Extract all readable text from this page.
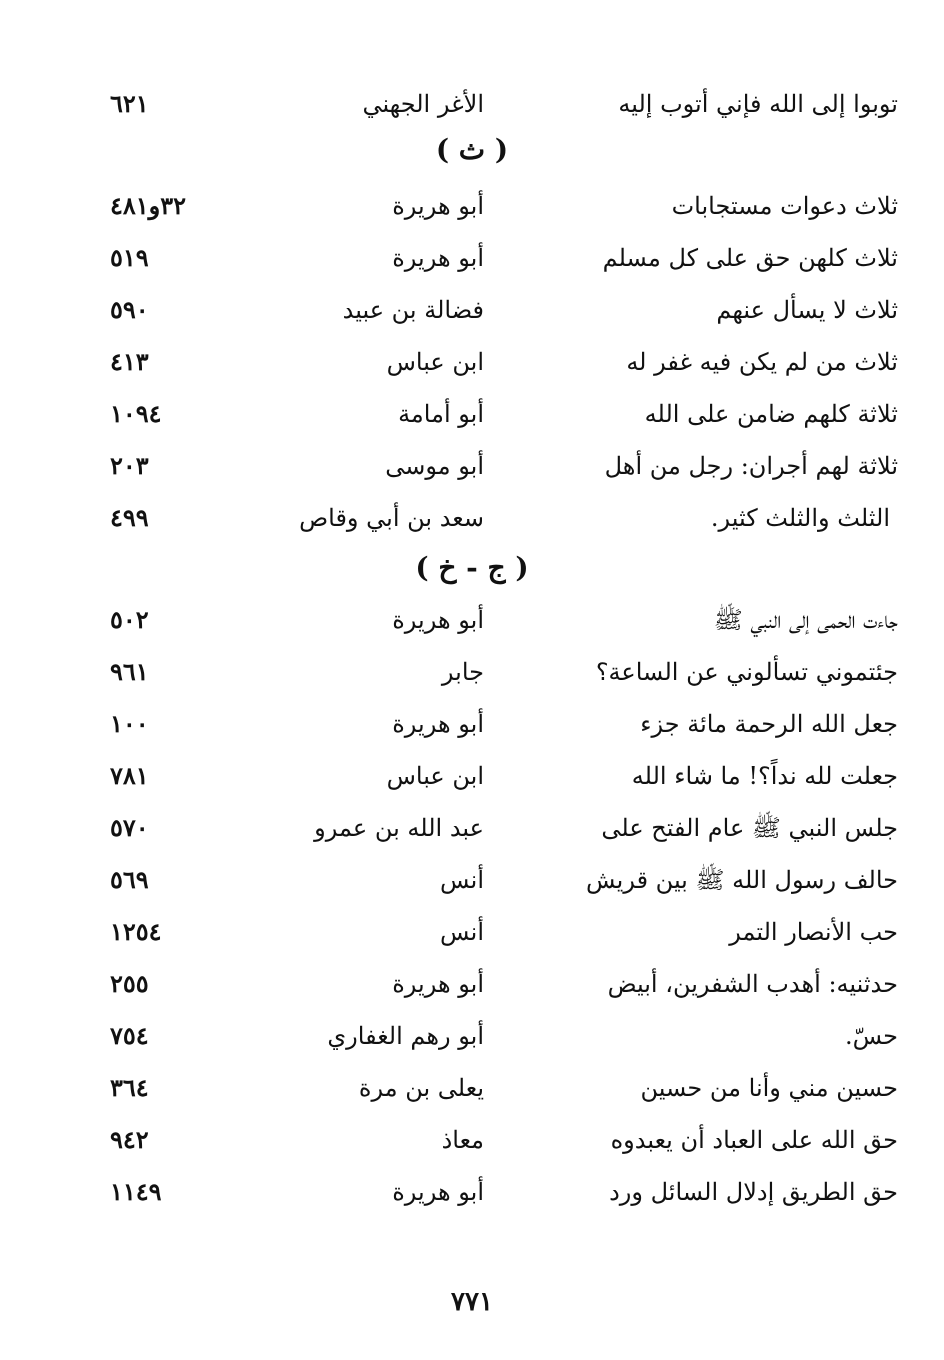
توبوا إلى الله فإني أتوب إليه
الأغر الجهني
٦٢١
( ث )
ثلاث دعوات مستجابات
أبو هريرة
٣٢و٤٨١
ثلاث كلهن حق على كل مسلم
أبو هريرة
٥١٩
ثلاث لا يسأل عنهم
فضالة بن عبيد
٥٩٠
ثلاث من لم يكن فيه غفر له
ابن عباس
٤١٣
ثلاثة كلهم ضامن على الله
أبو أمامة
١٠٩٤
ثلاثة لهم أجران: رجل من أهل
أبو موسى
٢٠٣
الثلث والثلث كثير.
سعد بن أبي وقاص
٤٩٩
( ج - خ )
جاءت الحمى إلى النبي ﷺ
أبو هريرة
٥٠٢
جئتموني تسألوني عن الساعة؟
جابر
٩٦١
جعل الله الرحمة مائة جزء
أبو هريرة
١٠٠
جعلت لله نداً؟! ما شاء الله
ابن عباس
٧٨١
جلس النبي ﷺ عام الفتح على
عبد الله بن عمرو
٥٧٠
حالف رسول الله ﷺ بين قريش
أنس
٥٦٩
حب الأنصار التمر
أنس
١٢٥٤
حدثنيه: أهدب الشفرين، أبيض
أبو هريرة
٢٥٥
حسّ.
أبو رهم الغفاري
٧٥٤
حسين مني وأنا من حسين
يعلى بن مرة
٣٦٤
حق الله على العباد أن يعبدوه
معاذ
٩٤٢
حق الطريق إدلال السائل ورد
أبو هريرة
١١٤٩
٧٧١
